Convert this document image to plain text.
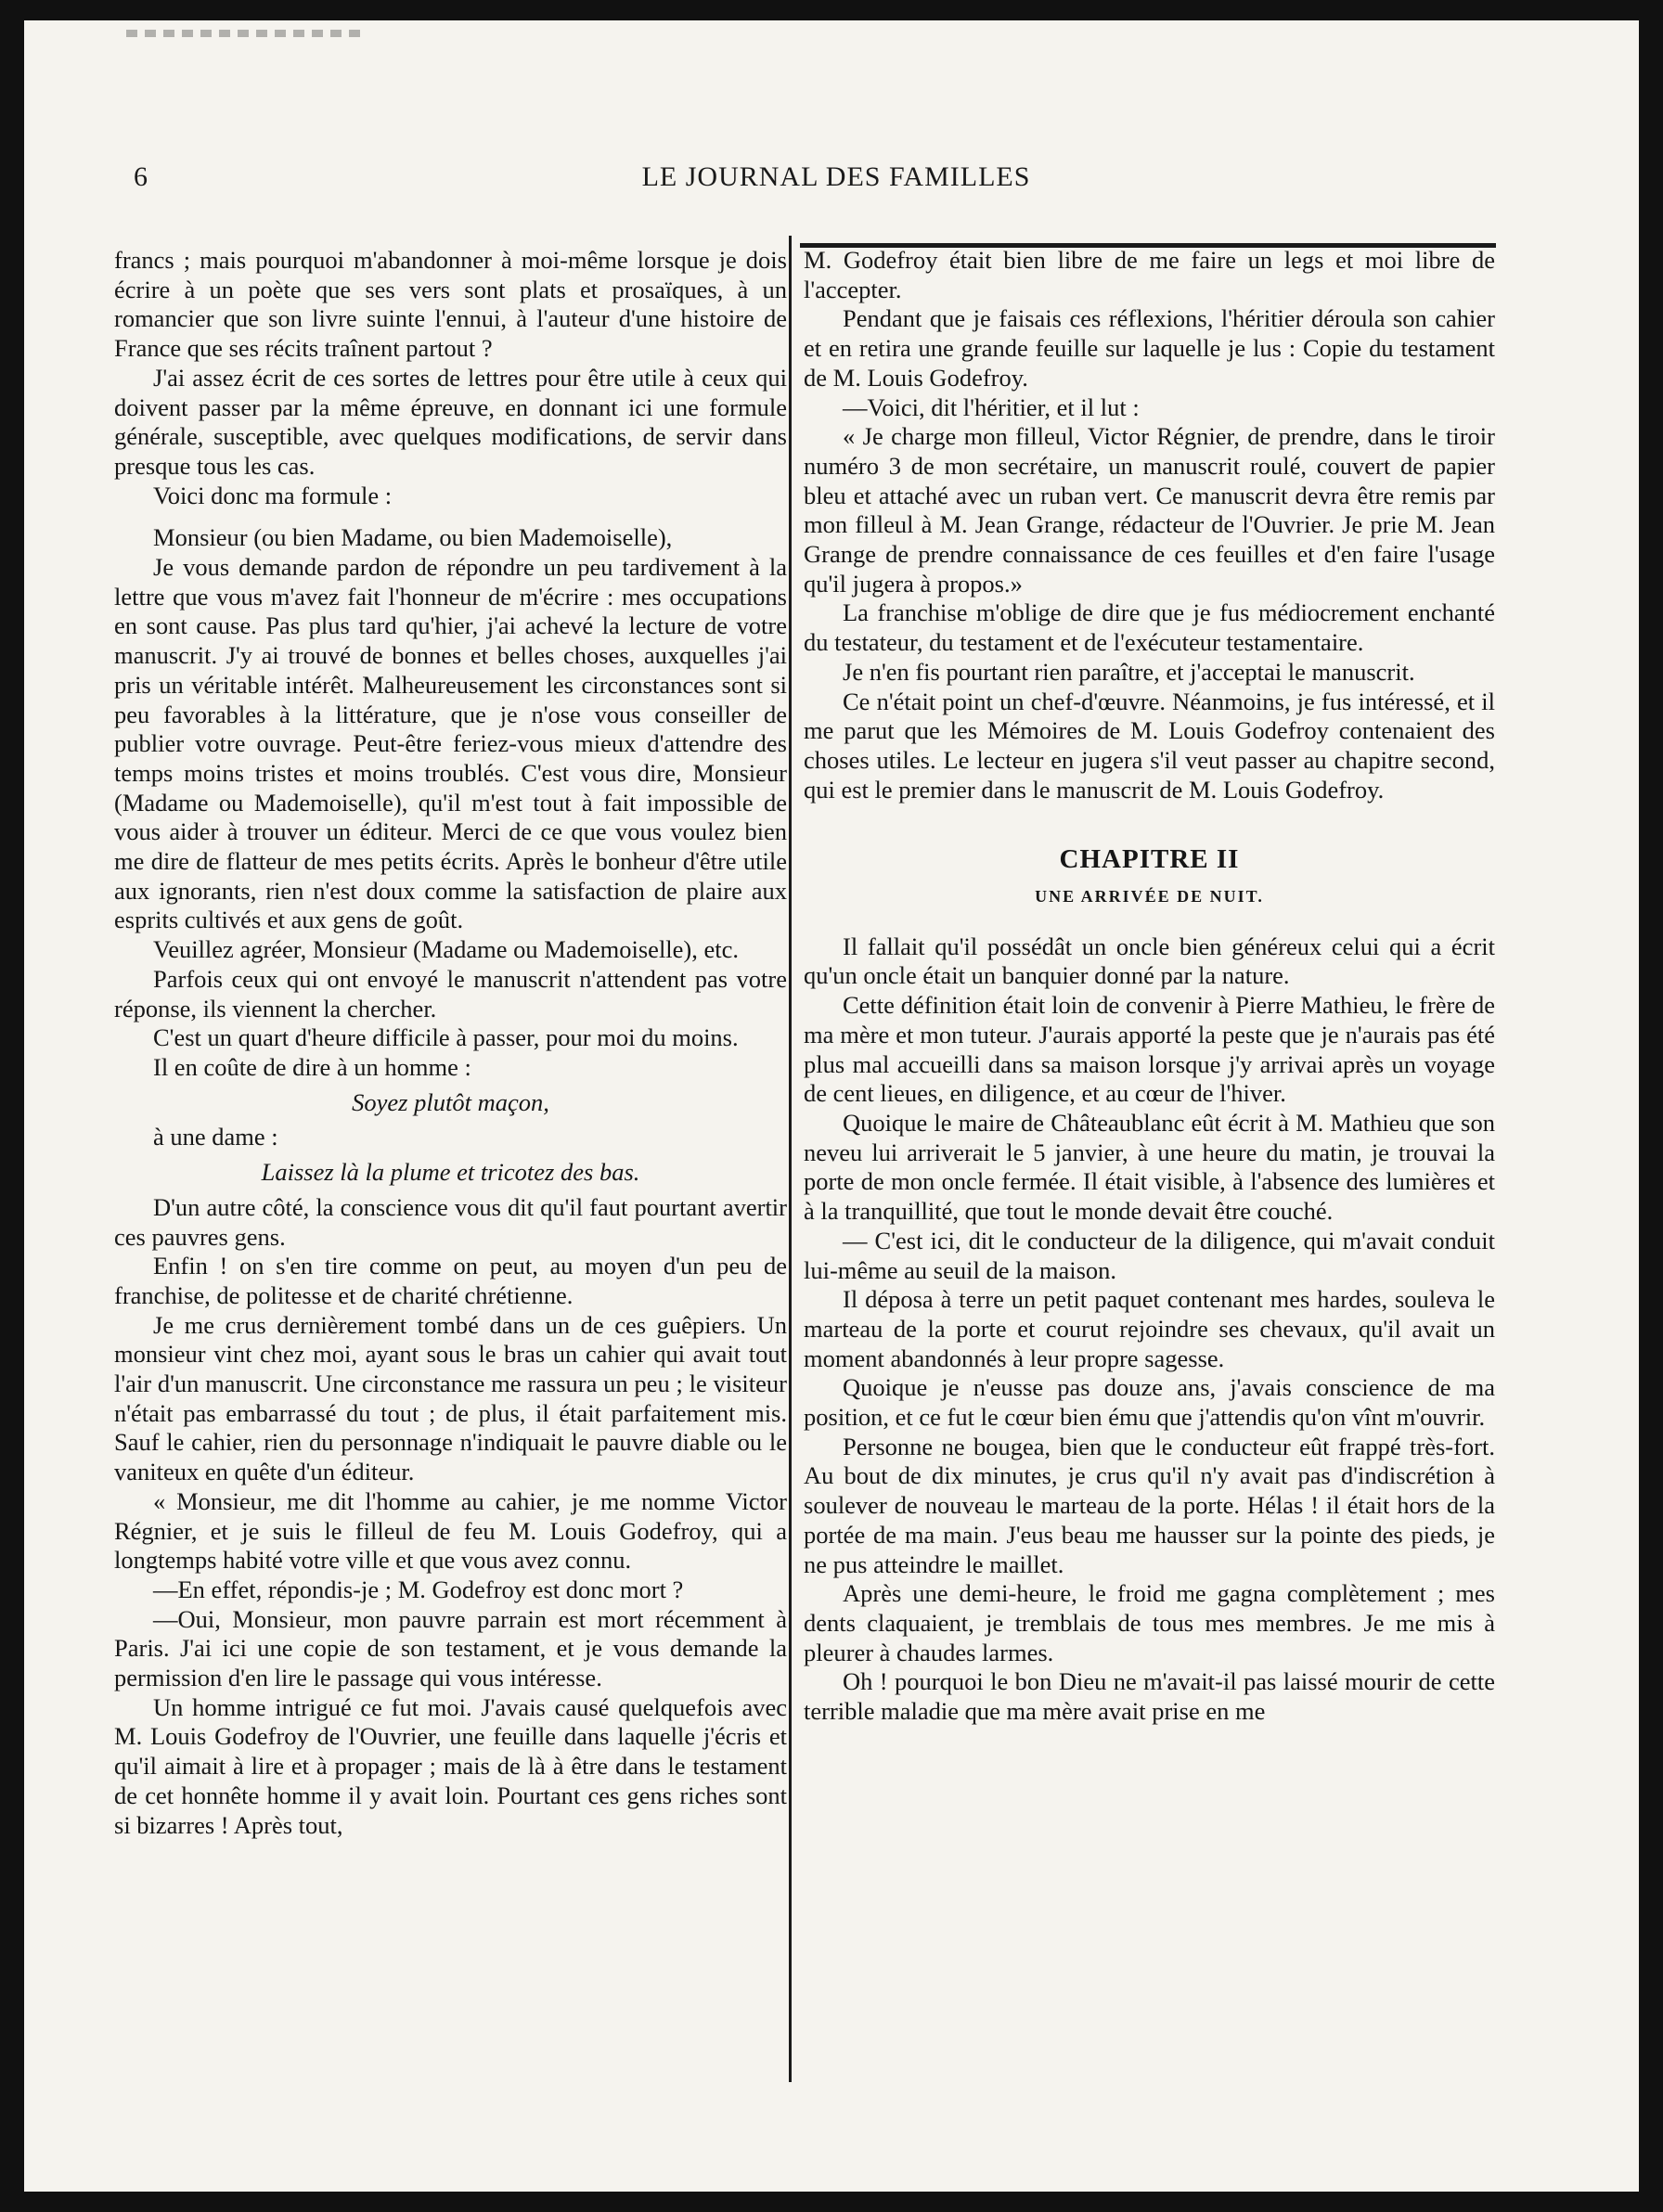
6	LE JOURNAL DES FAMILLES

francs ; mais pourquoi m'abandonner à moi-même lorsque je dois écrire à un poète que ses vers sont plats et prosaïques, à un romancier que son livre suinte l'ennui, à l'auteur d'une histoire de France que ses récits traînent partout ?

J'ai assez écrit de ces sortes de lettres pour être utile à ceux qui doivent passer par la même épreuve, en donnant ici une formule générale, susceptible, avec quelques modifications, de servir dans presque tous les cas.

Voici donc ma formule :

Monsieur (ou bien Madame, ou bien Mademoiselle),

Je vous demande pardon de répondre un peu tardivement à la lettre que vous m'avez fait l'honneur de m'écrire : mes occupations en sont cause. Pas plus tard qu'hier, j'ai achevé la lecture de votre manuscrit. J'y ai trouvé de bonnes et belles choses, auxquelles j'ai pris un véritable intérêt. Malheureusement les circonstances sont si peu favorables à la littérature, que je n'ose vous conseiller de publier votre ouvrage. Peut-être feriez-vous mieux d'attendre des temps moins tristes et moins troublés. C'est vous dire, Monsieur (Madame ou Mademoiselle), qu'il m'est tout à fait impossible de vous aider à trouver un éditeur. Merci de ce que vous voulez bien me dire de flatteur de mes petits écrits. Après le bonheur d'être utile aux ignorants, rien n'est doux comme la satisfaction de plaire aux esprits cultivés et aux gens de goût.

Veuillez agréer, Monsieur (Madame ou Mademoiselle), etc.

Parfois ceux qui ont envoyé le manuscrit n'attendent pas votre réponse, ils viennent la chercher.

C'est un quart d'heure difficile à passer, pour moi du moins.

Il en coûte de dire à un homme :

Soyez plutôt maçon,

à une dame :

Laissez là la plume et tricotez des bas.

D'un autre côté, la conscience vous dit qu'il faut pourtant avertir ces pauvres gens.

Enfin ! on s'en tire comme on peut, au moyen d'un peu de franchise, de politesse et de charité chrétienne.

Je me crus dernièrement tombé dans un de ces guêpiers. Un monsieur vint chez moi, ayant sous le bras un cahier qui avait tout l'air d'un manuscrit. Une circonstance me rassura un peu ; le visiteur n'était pas embarrassé du tout ; de plus, il était parfaitement mis. Sauf le cahier, rien du personnage n'indiquait le pauvre diable ou le vaniteux en quête d'un éditeur.

« Monsieur, me dit l'homme au cahier, je me nomme Victor Régnier, et je suis le filleul de feu M. Louis Godefroy, qui a longtemps habité votre ville et que vous avez connu.

—En effet, répondis-je ; M. Godefroy est donc mort ?

—Oui, Monsieur, mon pauvre parrain est mort récemment à Paris. J'ai ici une copie de son testament, et je vous demande la permission d'en lire le passage qui vous intéresse.

Un homme intrigué ce fut moi. J'avais causé quelquefois avec M. Louis Godefroy de l'Ouvrier, une feuille dans laquelle j'écris et qu'il aimait à lire et à propager ; mais de là à être dans le testament de cet honnête homme il y avait loin. Pourtant ces gens riches sont si bizarres ! Après tout,

M. Godefroy était bien libre de me faire un legs et moi libre de l'accepter.

Pendant que je faisais ces réflexions, l'héritier déroula son cahier et en retira une grande feuille sur laquelle je lus : Copie du testament de M. Louis Godefroy.

—Voici, dit l'héritier, et il lut :

« Je charge mon filleul, Victor Régnier, de prendre, dans le tiroir numéro 3 de mon secrétaire, un manuscrit roulé, couvert de papier bleu et attaché avec un ruban vert. Ce manuscrit devra être remis par mon filleul à M. Jean Grange, rédacteur de l'Ouvrier. Je prie M. Jean Grange de prendre connaissance de ces feuilles et d'en faire l'usage qu'il jugera à propos.»

La franchise m'oblige de dire que je fus médiocrement enchanté du testateur, du testament et de l'exécuteur testamentaire.

Je n'en fis pourtant rien paraître, et j'acceptai le manuscrit.

Ce n'était point un chef-d'œuvre. Néanmoins, je fus intéressé, et il me parut que les Mémoires de M. Louis Godefroy contenaient des choses utiles. Le lecteur en jugera s'il veut passer au chapitre second, qui est le premier dans le manuscrit de M. Louis Godefroy.

CHAPITRE II

UNE ARRIVÉE DE NUIT.

Il fallait qu'il possédât un oncle bien généreux celui qui a écrit qu'un oncle était un banquier donné par la nature.

Cette définition était loin de convenir à Pierre Mathieu, le frère de ma mère et mon tuteur. J'aurais apporté la peste que je n'aurais pas été plus mal accueilli dans sa maison lorsque j'y arrivai après un voyage de cent lieues, en diligence, et au cœur de l'hiver.

Quoique le maire de Châteaublanc eût écrit à M. Mathieu que son neveu lui arriverait le 5 janvier, à une heure du matin, je trouvai la porte de mon oncle fermée. Il était visible, à l'absence des lumières et à la tranquillité, que tout le monde devait être couché.

— C'est ici, dit le conducteur de la diligence, qui m'avait conduit lui-même au seuil de la maison.

Il déposa à terre un petit paquet contenant mes hardes, souleva le marteau de la porte et courut rejoindre ses chevaux, qu'il avait un moment abandonnés à leur propre sagesse.

Quoique je n'eusse pas douze ans, j'avais conscience de ma position, et ce fut le cœur bien ému que j'attendis qu'on vînt m'ouvrir.

Personne ne bougea, bien que le conducteur eût frappé très-fort. Au bout de dix minutes, je crus qu'il n'y avait pas d'indiscrétion à soulever de nouveau le marteau de la porte. Hélas ! il était hors de la portée de ma main. J'eus beau me hausser sur la pointe des pieds, je ne pus atteindre le maillet.

Après une demi-heure, le froid me gagna complètement ; mes dents claquaient, je tremblais de tous mes membres. Je me mis à pleurer à chaudes larmes.

Oh ! pourquoi le bon Dieu ne m'avait-il pas laissé mourir de cette terrible maladie que ma mère avait prise en me
